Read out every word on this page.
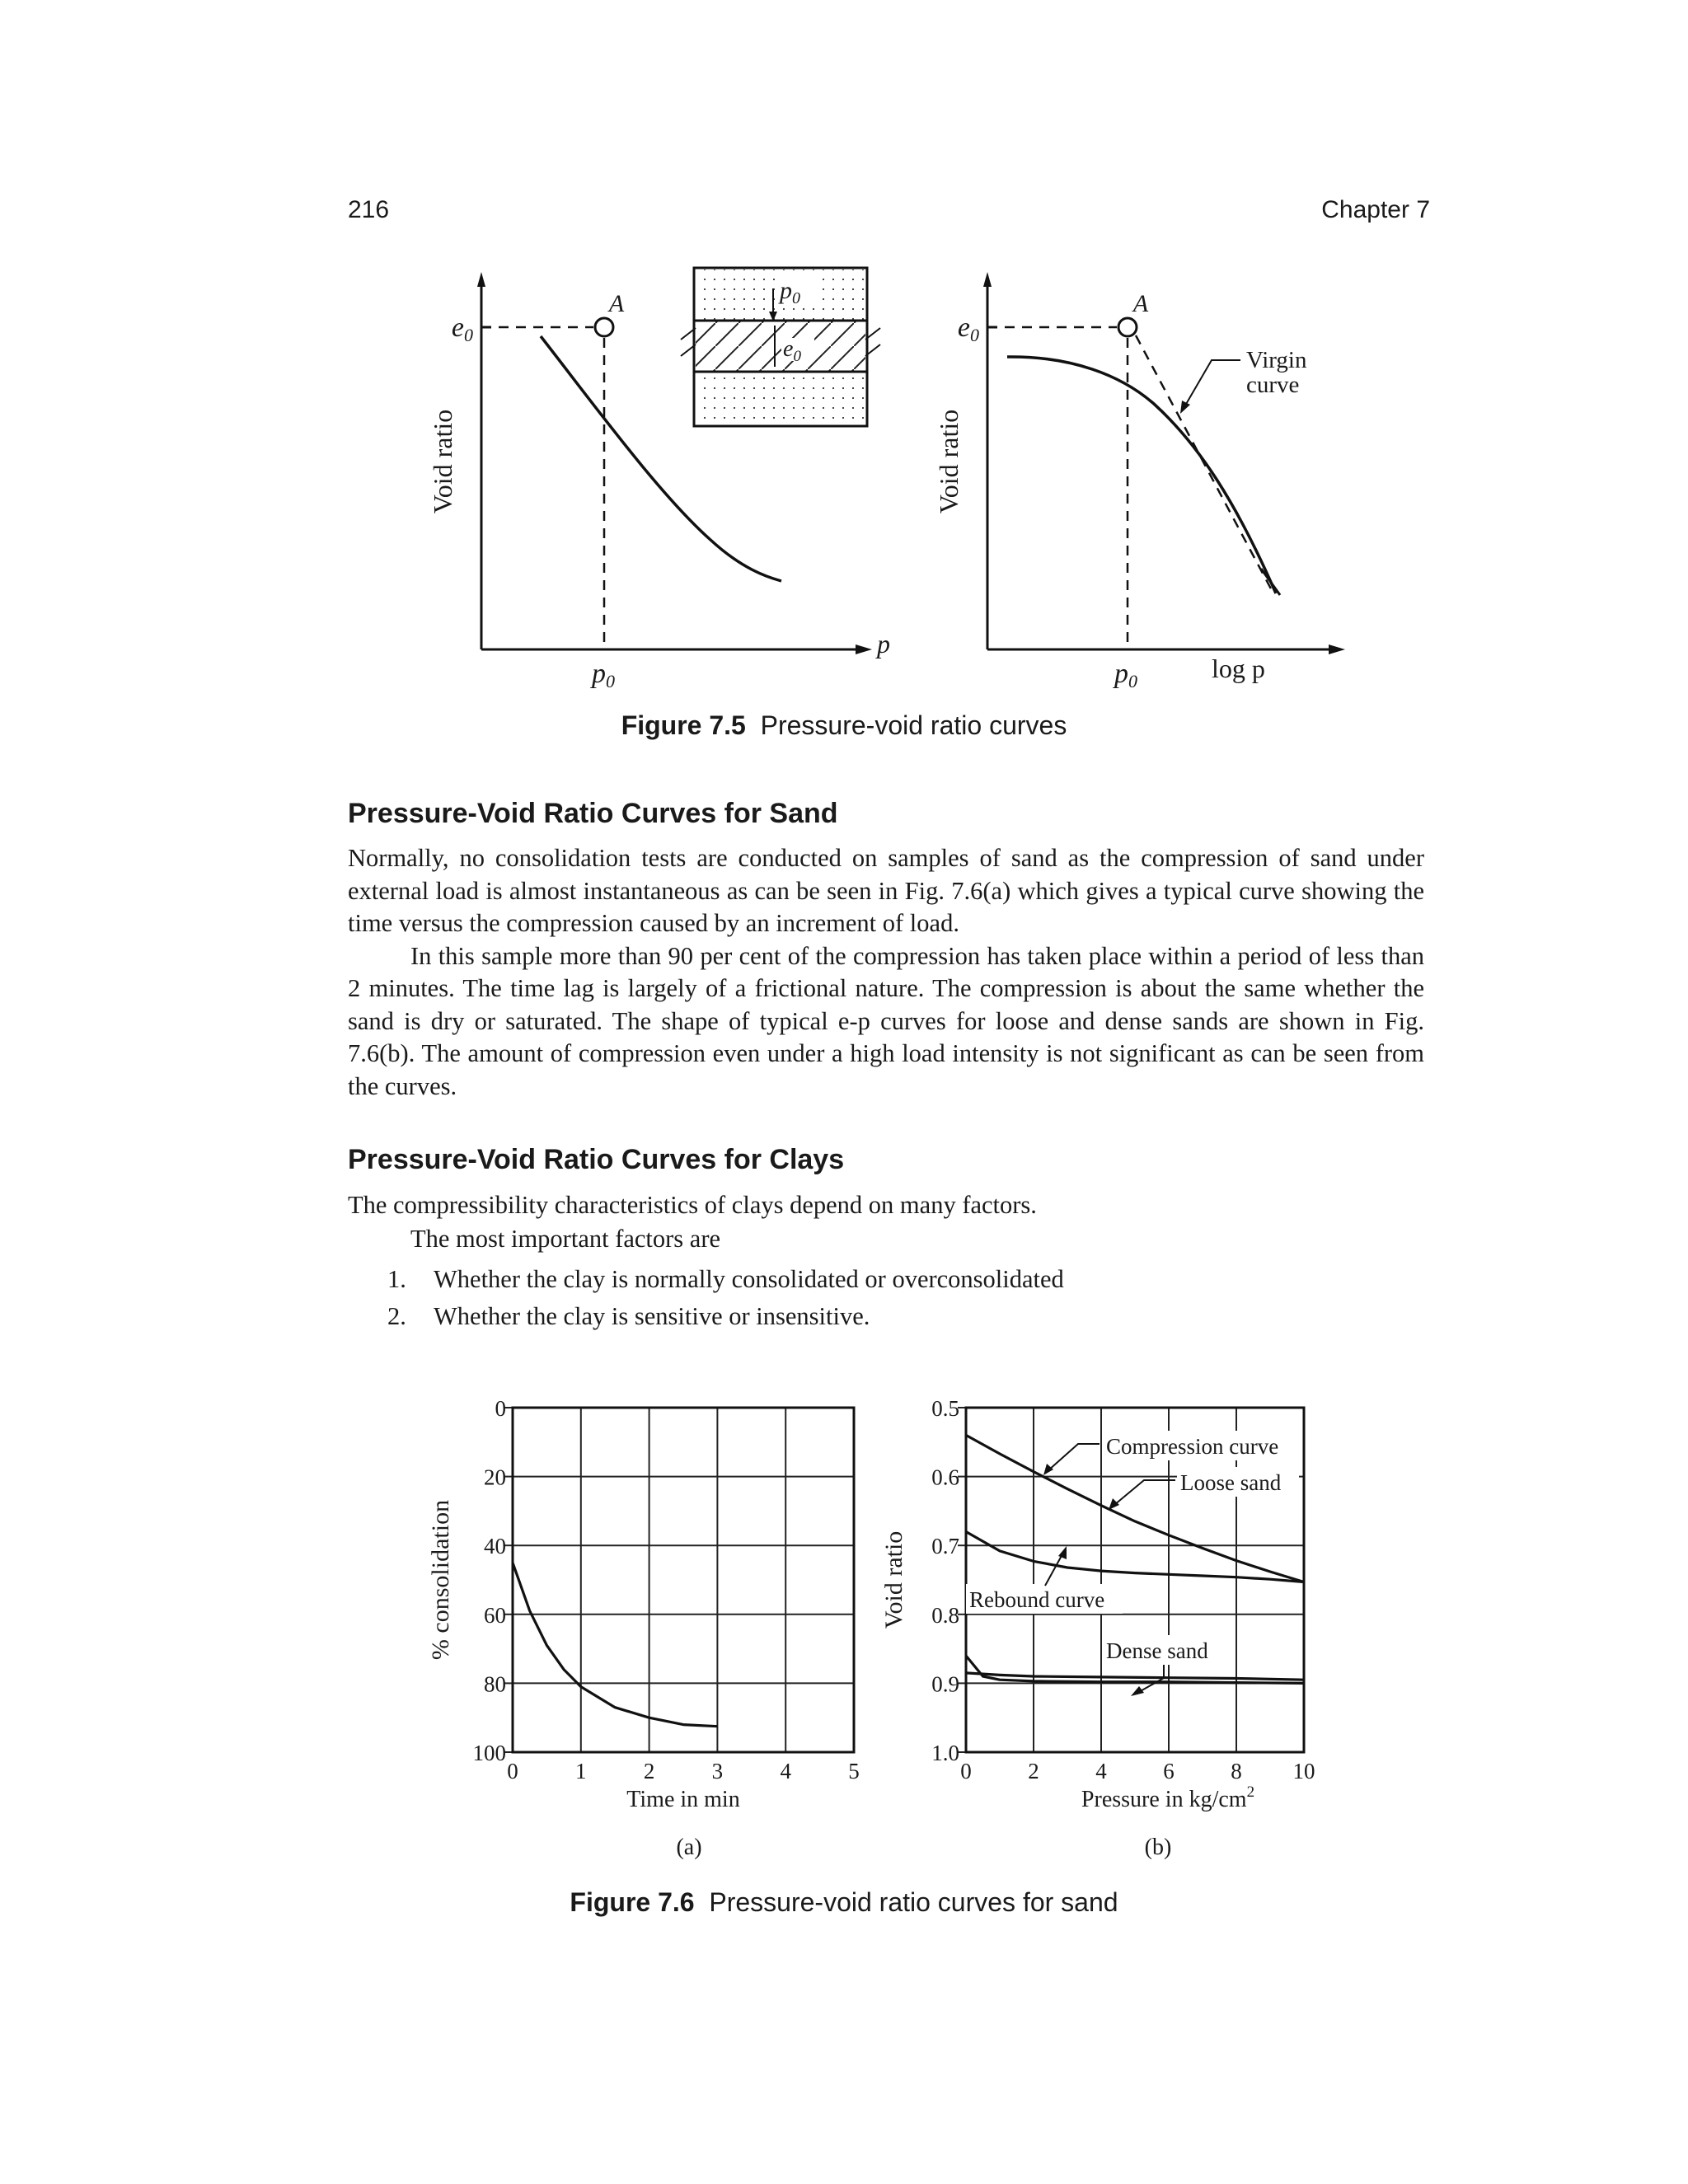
216	Chapter 7
e0
A
p0
p
Void ratio
$p_0$
$e_0$
e0
A
p0	log p
Virgin
curve
Void ratio
Figure 7.5 Pressure-void ratio curves
Pressure-Void Ratio Curves for Sand

Normally, no consolidation tests are conducted on samples of sand as the compression of sand under external load is almost instantaneous as can be seen in Fig. 7.6(a) which gives a typical curve showing the time versus the compression caused by an increment of load.

In this sample more than 90 per cent of the compression has taken place within a period of less than 2 minutes. The time lag is largely of a frictional nature. The compression is about the same whether the sand is dry or saturated. The shape of typical e-p curves for loose and dense sands are shown in Fig. 7.6(b). The amount of compression even under a high load intensity is not significant as can be seen from the curves.

Pressure-Void Ratio Curves for Clays
The compressibility characteristics of clays depend on many factors.
The most important factors are
1. Whether the clay is normally consolidated or overconsolidated
2. Whether the clay is sensitive or insensitive.
0	1	2	3	4	5
0
20
40
60
80
100
Time in min
% consolidation
0	2	4	6	8 10
0.5
0.6
0.7
0.8
0.9
1.0
Pressure in $kg/cm^2$
Void ratio
Compression curve
Loose sand
Rebound curve
Dense sand
(a)	(b)
Figure 7.6 Pressure-void ratio curves for sand
